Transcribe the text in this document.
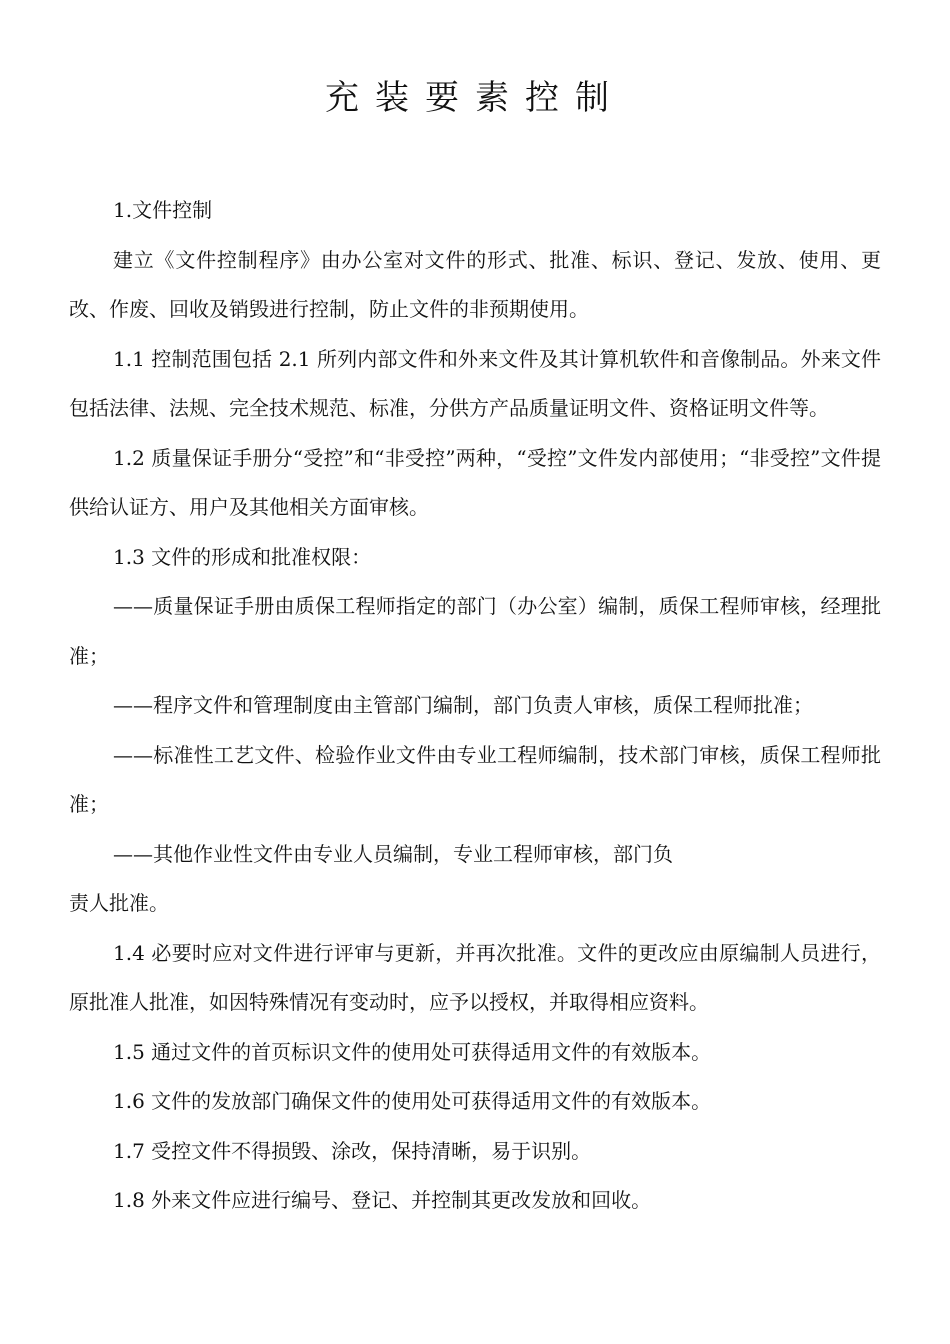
充装要素控制

1.文件控制

建立《文件控制程序》由办公室对文件的形式、批准、标识、登记、发放、使用、更改、作废、回收及销毁进行控制，防止文件的非预期使用。

1.1 控制范围包括 2.1 所列内部文件和外来文件及其计算机软件和音像制品。外来文件包括法律、法规、完全技术规范、标准，分供方产品质量证明文件、资格证明文件等。

1.2 质量保证手册分“受控”和“非受控”两种，“受控”文件发内部使用；“非受控”文件提供给认证方、用户及其他相关方面审核。

1.3 文件的形成和批准权限：

——质量保证手册由质保工程师指定的部门（办公室）编制，质保工程师审核，经理批准；

——程序文件和管理制度由主管部门编制，部门负责人审核，质保工程师批准；

——标准性工艺文件、检验作业文件由专业工程师编制，技术部门审核，质保工程师批准；

——其他作业性文件由专业人员编制，专业工程师审核，部门负

责人批准。

1.4 必要时应对文件进行评审与更新，并再次批准。文件的更改应由原编制人员进行，原批准人批准，如因特殊情况有变动时，应予以授权，并取得相应资料。

1.5 通过文件的首页标识文件的使用处可获得适用文件的有效版本。

1.6 文件的发放部门确保文件的使用处可获得适用文件的有效版本。

1.7 受控文件不得损毁、涂改，保持清晰，易于识别。

1.8 外来文件应进行编号、登记、并控制其更改发放和回收。
